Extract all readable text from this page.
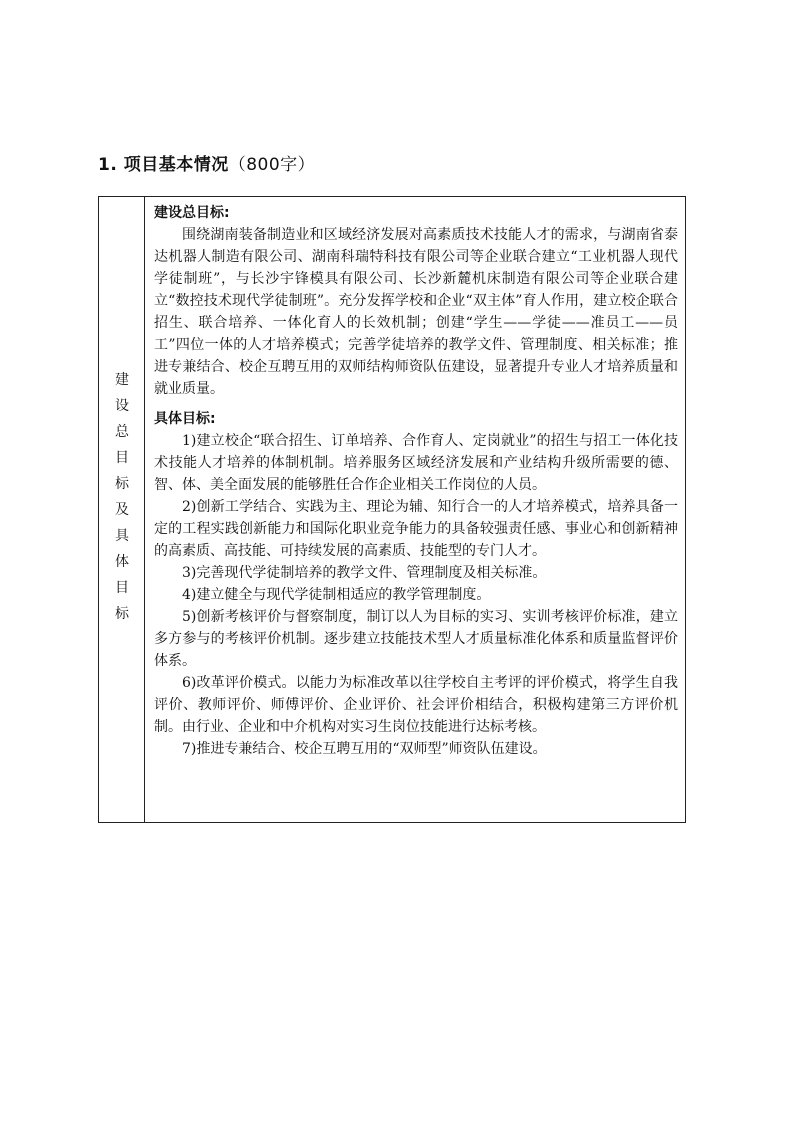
1. 项目基本情况（800字）
建
设
总
目
标
及
具
体
目
标
建设总目标:

围绕湖南装备制造业和区域经济发展对高素质技术技能人才的需求，与湖南省泰达机器人制造有限公司、湖南科瑞特科技有限公司等企业联合建立“工业机器人现代学徒制班”，与长沙宇锋模具有限公司、长沙新麓机床制造有限公司等企业联合建立“数控技术现代学徒制班”。充分发挥学校和企业“双主体”育人作用，建立校企联合招生、联合培养、一体化育人的长效机制；创建“学生——学徒——准员工——员工”四位一体的人才培养模式；完善学徒培养的教学文件、管理制度、相关标准；推进专兼结合、校企互聘互用的双师结构师资队伍建设，显著提升专业人才培养质量和就业质量。

具体目标:

1)建立校企“联合招生、订单培养、合作育人、定岗就业”的招生与招工一体化技术技能人才培养的体制机制。培养服务区域经济发展和产业结构升级所需要的德、智、体、美全面发展的能够胜任合作企业相关工作岗位的人员。

2)创新工学结合、实践为主、理论为辅、知行合一的人才培养模式，培养具备一定的工程实践创新能力和国际化职业竞争能力的具备较强责任感、事业心和创新精神的高素质、高技能、可持续发展的高素质、技能型的专门人才。

3)完善现代学徒制培养的教学文件、管理制度及相关标准。

4)建立健全与现代学徒制相适应的教学管理制度。

5)创新考核评价与督察制度，制订以人为目标的实习、实训考核评价标准，建立多方参与的考核评价机制。逐步建立技能技术型人才质量标准化体系和质量监督评价体系。

6)改革评价模式。以能力为标准改革以往学校自主考评的评价模式，将学生自我评价、教师评价、师傅评价、企业评价、社会评价相结合，积极构建第三方评价机制。由行业、企业和中介机构对实习生岗位技能进行达标考核。

7)推进专兼结合、校企互聘互用的“双师型”师资队伍建设。
